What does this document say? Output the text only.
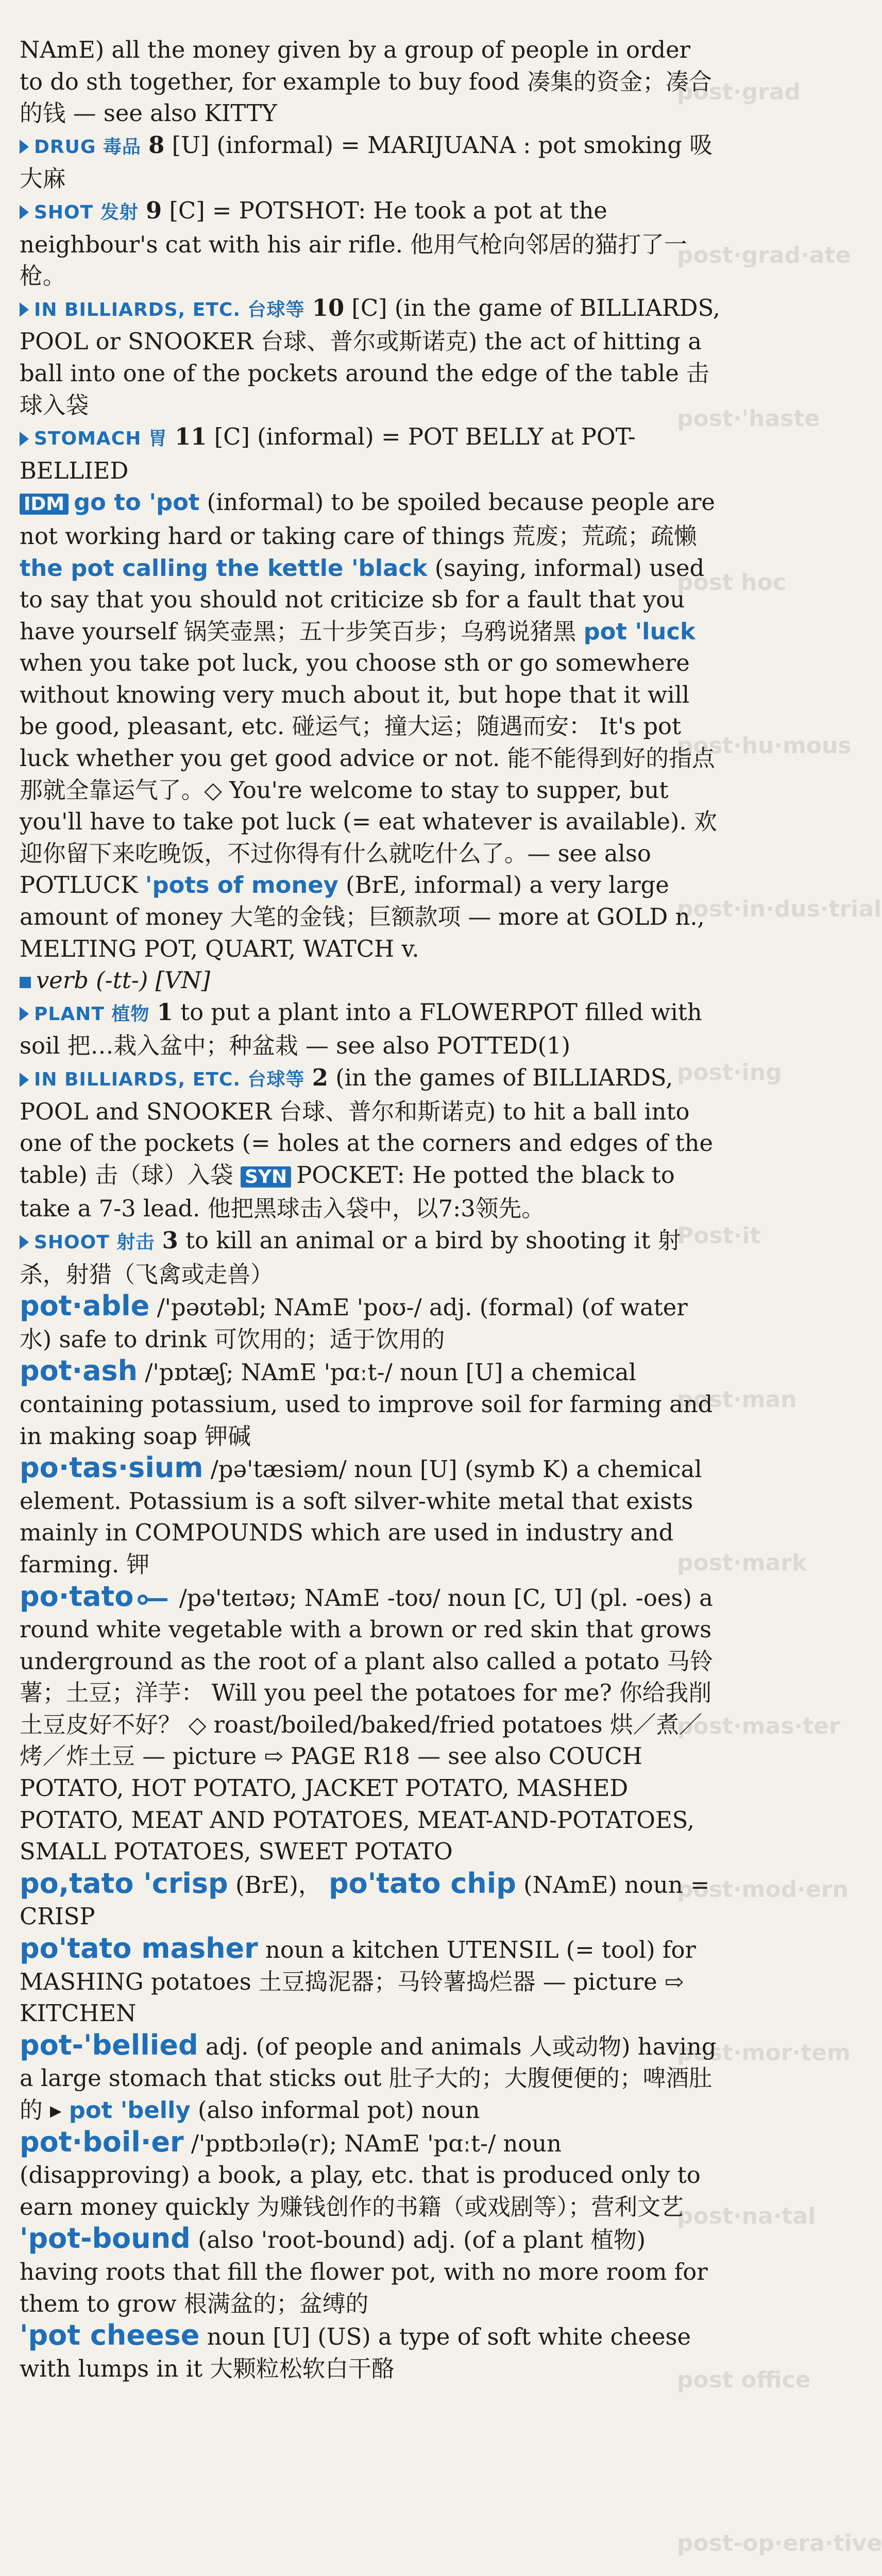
post·grad
post·grad·ate
post·'haste
post hoc
post·hu·mous
post·in·dus·trial
post·ing
Post·it
post·man
post·mark
post·mas·ter
post·mod·ern
post·mor·tem
post·na·tal
post office
post-op·era·tive

NAmE) all the money given by a group of people in order to do sth together, for example to buy food 凑集的资金；凑合的钱 — see also KITTY

DRUG 毒品 8 [U] (informal) = MARIJUANA : pot smoking 吸大麻

SHOT 发射 9 [C] = POTSHOT: He took a pot at the neighbour's cat with his air rifle. 他用气枪向邻居的猫打了一枪。

IN BILLIARDS, ETC. 台球等 10 [C] (in the game of BILLIARDS, POOL or SNOOKER 台球、普尔或斯诺克) the act of hitting a ball into one of the pockets around the edge of the table 击球入袋

STOMACH 胃 11 [C] (informal) = POT BELLY at POT-BELLIED

IDM go to 'pot (informal) to be spoiled because people are not working hard or taking care of things 荒废；荒疏；疏懒 the pot calling the kettle 'black (saying, informal) used to say that you should not criticize sb for a fault that you have yourself 锅笑壶黑；五十步笑百步；乌鸦说猪黑 pot 'luck when you take pot luck, you choose sth or go somewhere without knowing very much about it, but hope that it will be good, pleasant, etc. 碰运气；撞大运；随遇而安： It's pot luck whether you get good advice or not. 能不能得到好的指点那就全靠运气了。◇ You're welcome to stay to supper, but you'll have to take pot luck (= eat whatever is available). 欢迎你留下来吃晚饭，不过你得有什么就吃什么了。— see also POTLUCK 'pots of money (BrE, informal) a very large amount of money 大笔的金钱；巨额款项 — more at GOLD n., MELTING POT, QUART, WATCH v.

verb (-tt-) [VN]

PLANT 植物 1 to put a plant into a FLOWERPOT filled with soil 把…栽入盆中；种盆栽 — see also POTTED(1)

IN BILLIARDS, ETC. 台球等 2 (in the games of BILLIARDS, POOL and SNOOKER 台球、普尔和斯诺克) to hit a ball into one of the pockets (= holes at the corners and edges of the table) 击（球）入袋 SYN POCKET: He potted the black to take a 7-3 lead. 他把黑球击入袋中，以7:3领先。

SHOOT 射击 3 to kill an animal or a bird by shooting it 射杀，射猎（飞禽或走兽）

pot·able /'pəʊtəbl; NAmE 'poʊ-/ adj. (formal) (of water 水) safe to drink 可饮用的；适于饮用的

pot·ash /'pɒtæʃ; NAmE 'pɑːt-/ noun [U] a chemical containing potassium, used to improve soil for farming and in making soap 钾碱

po·tas·sium /pə'tæsiəm/ noun [U] (symb K) a chemical element. Potassium is a soft silver-white metal that exists mainly in COMPOUNDS which are used in industry and farming. 钾

po·tato /pə'teɪtəʊ; NAmE -toʊ/ noun [C, U] (pl. -oes) a round white vegetable with a brown or red skin that grows underground as the root of a plant also called a potato 马铃薯；土豆；洋芋： Will you peel the potatoes for me? 你给我削土豆皮好不好？ ◇ roast/boiled/baked/fried potatoes 烘／煮／烤／炸土豆 — picture ⇨ PAGE R18 — see also COUCH POTATO, HOT POTATO, JACKET POTATO, MASHED POTATO, MEAT AND POTATOES, MEAT-AND-POTATOES, SMALL POTATOES, SWEET POTATO

po,tato 'crisp (BrE)， po'tato chip (NAmE) noun = CRISP

po'tato masher noun a kitchen UTENSIL (= tool) for MASHING potatoes 土豆捣泥器；马铃薯捣烂器 — picture ⇨ KITCHEN

pot-'bellied adj. (of people and animals 人或动物) having a large stomach that sticks out 肚子大的；大腹便便的；啤酒肚的 ▸ pot 'belly (also informal pot) noun

pot·boil·er /'pɒtbɔɪlə(r); NAmE 'pɑːt-/ noun (disapproving) a book, a play, etc. that is produced only to earn money quickly 为赚钱创作的书籍（或戏剧等）；营利文艺

'pot-bound (also 'root-bound) adj. (of a plant 植物) having roots that fill the flower pot, with no more room for them to grow 根满盆的；盆缚的

'pot cheese noun [U] (US) a type of soft white cheese with lumps in it 大颗粒松软白干酪
